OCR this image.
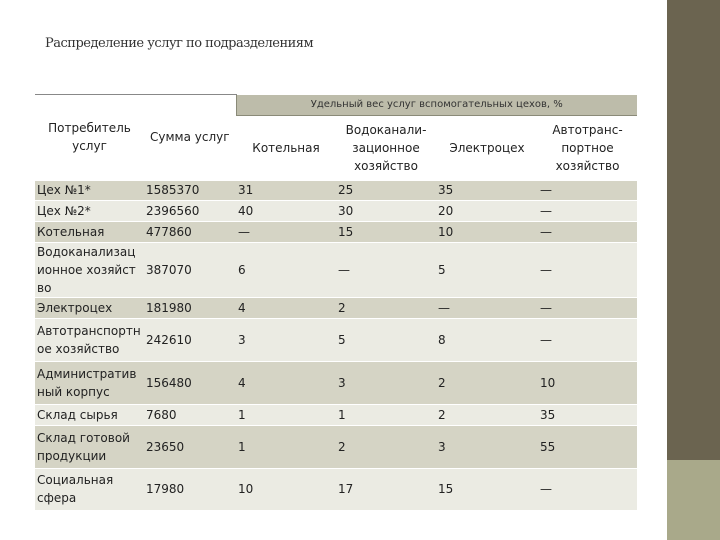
Распределение услуг по подразделениям
Потребитель услуг	Сумма услуг	Удельный вес услуг вспомогательных цехов, %			
		Котельная	Водоканали-зационное хозяйство	Электроцех	Автотранс-портное хозяйство
Цех №1*	1585370	31	25	35	—
Цех №2*	2396560	40	30	20	—
Котельная	477860	—	15	10	—
Водоканализационное хозяйство	387070	6	—	5	—
Электроцех	181980	4	2	—	—
Автотранспортное хозяйство	242610	3	5	8	—
Административный корпус	156480	4	3	2	10
Склад сырья	7680	1	1	2	35
Склад готовой продукции	23650	1	2	3	55
Социальная сфера	17980	10	17	15	—
